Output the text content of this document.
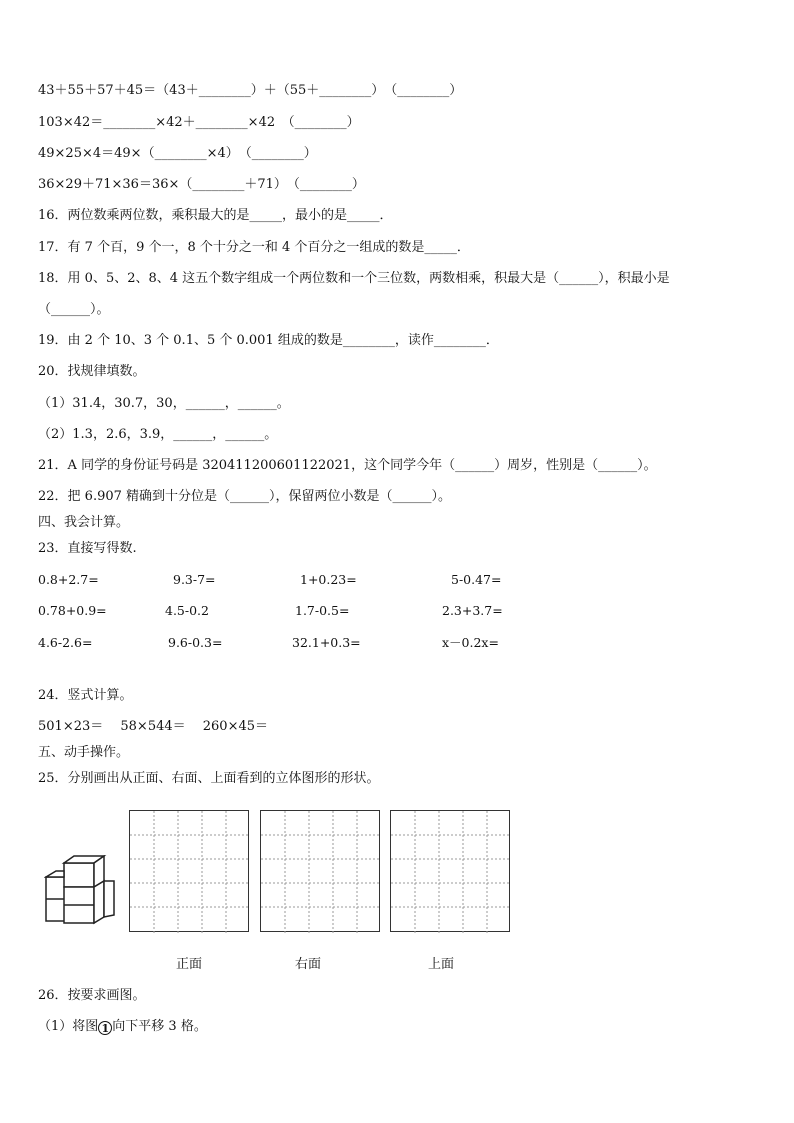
43＋55＋57＋45＝（43＋________）＋（55＋________）　（________）
103×42＝________×42＋________×42　（________）
49×25×4＝49×（________×4）　（________）
36×29＋71×36＝36×（________＋71）　（________）
16．两位数乘两位数，乘积最大的是_____，最小的是_____．
17．有 7 个百，9 个一，8 个十分之一和 4 个百分之一组成的数是_____．
18．用 0、5、2、8、4 这五个数字组成一个两位数和一个三位数，两数相乘，积最大是（______），积最小是
（______）。
19．由 2 个 10、3 个 0.1、5 个 0.001 组成的数是________，读作________．
20．找规律填数。
（1）31.4，30.7，30，______，______。
（2）1.3，2.6，3.9，______，______。
21．A 同学的身份证号码是 320411200601122021，这个同学今年（______）周岁，性别是（______）。
22．把 6.907 精确到十分位是（______），保留两位小数是（______）。
四、我会计算。
23．直接写得数.
0.8+2.7=	9.3-7=	1+0.23=	5-0.47=
0.78+0.9=	4.5-0.2	1.7-0.5=	2.3+3.7=
4.6-2.6=	9.6-0.3=	32.1+0.3=	x－0.2x=
24．竖式计算。
501×23＝　 58×544＝　 260×45＝
五、动手操作。
25．分别画出从正面、右面、上面看到的立体图形的形状。
正面	右面	上面
26．按要求画图。
（1）将图 1 向下平移 3 格。
